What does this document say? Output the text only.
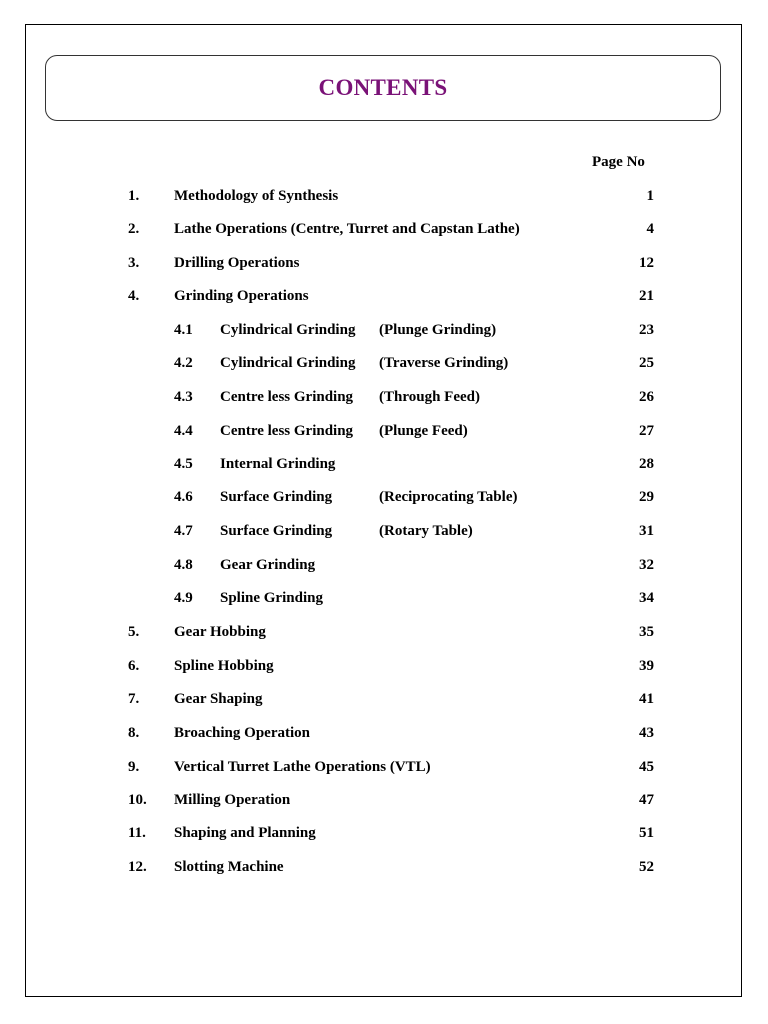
CONTENTS
Page No
1. Methodology of Synthesis	1
2. Lathe Operations (Centre, Turret and Capstan Lathe)	4
3. Drilling Operations	12
4. Grinding Operations	21
4.1 Cylindrical Grinding (Plunge Grinding)	23
4.2 Cylindrical Grinding (Traverse Grinding)	25
4.3 Centre less Grinding (Through Feed)	26
4.4 Centre less Grinding (Plunge Feed)	27
4.5 Internal Grinding	28
4.6 Surface Grinding	(Reciprocating Table)	29
4.7 Surface Grinding	(Rotary Table)	31
4.8 Gear Grinding	32
4.9 Spline Grinding	34
5. Gear Hobbing	35
6. Spline Hobbing	39
7. Gear Shaping	41
8. Broaching Operation	43
9. Vertical Turret Lathe Operations (VTL)	45
10. Milling Operation	47
11. Shaping and Planning	51
12. Slotting Machine	52
